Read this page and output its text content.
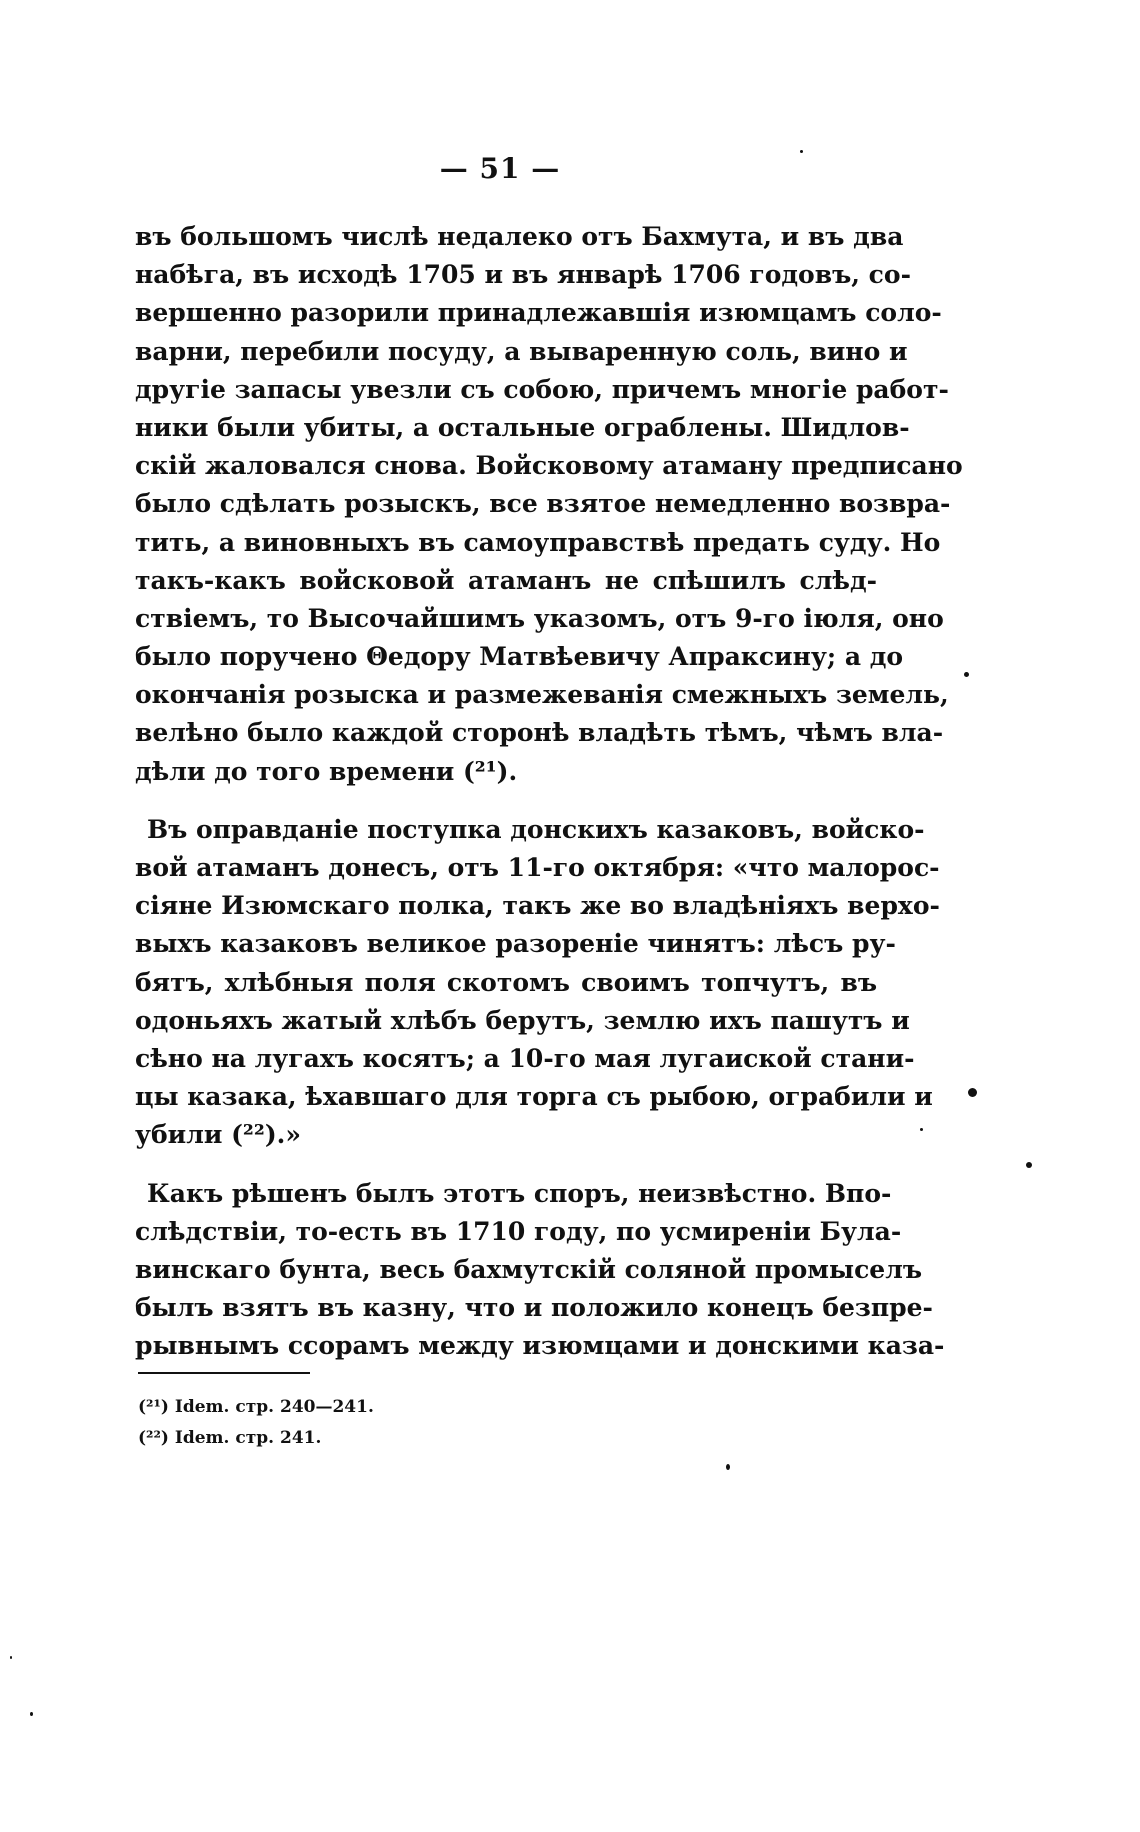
— 51 —
въ большомъ числѣ недалеко отъ Бахмута, и въ два
набѣга, въ исходѣ 1705 и въ январѣ 1706 годовъ, со-
вершенно разорили принадлежавшія изюмцамъ соло-
варни, перебили посуду, а вываренную соль, вино и
другіе запасы увезли съ собою, причемъ многіе работ-
ники были убиты, а остальные ограблены. Шидлов-
скій жаловался снова. Войсковому атаману предписано
было сдѣлать розыскъ, все взятое немедленно возвра-
тить, а виновныхъ въ самоуправствѣ предать суду. Но
такъ-какъ войсковой атаманъ не спѣшилъ слѣд-
ствіемъ, то Высочайшимъ указомъ, отъ 9-го іюля, оно
было поручено Θедору Матвѣевичу Апраксину; а до
окончанія розыска и размежеванія смежныхъ земель,
велѣно было каждой сторонѣ владѣть тѣмъ, чѣмъ вла-
дѣли до того времени (²¹).
Въ оправданіе поступка донскихъ казаковъ, войско-
вой атаманъ донесъ, отъ 11-го октября: «что малорос-
сіяне Изюмскаго полка, такъ же во владѣніяхъ верхо-
выхъ казаковъ великое разореніе чинятъ: лѣсъ ру-
бятъ, хлѣбныя поля скотомъ своимъ топчутъ, въ
одоньяхъ жатый хлѣбъ берутъ, землю ихъ пашутъ и
сѣно на лугахъ косятъ; а 10-го мая лугаиской стани-
цы казака, ѣхавшаго для торга съ рыбою, ограбили и
убили (²²).»
Какъ рѣшенъ былъ этотъ споръ, неизвѣстно. Впо-
слѣдствіи, то-есть въ 1710 году, по усмиреніи Була-
винскаго бунта, весь бахмутскій соляной промыселъ
былъ взятъ въ казну, что и положило конецъ безпре-
рывнымъ ссорамъ между изюмцами и донскими каза-
(²¹) Idem. стр. 240—241.
(²²) Idem. стр. 241.
